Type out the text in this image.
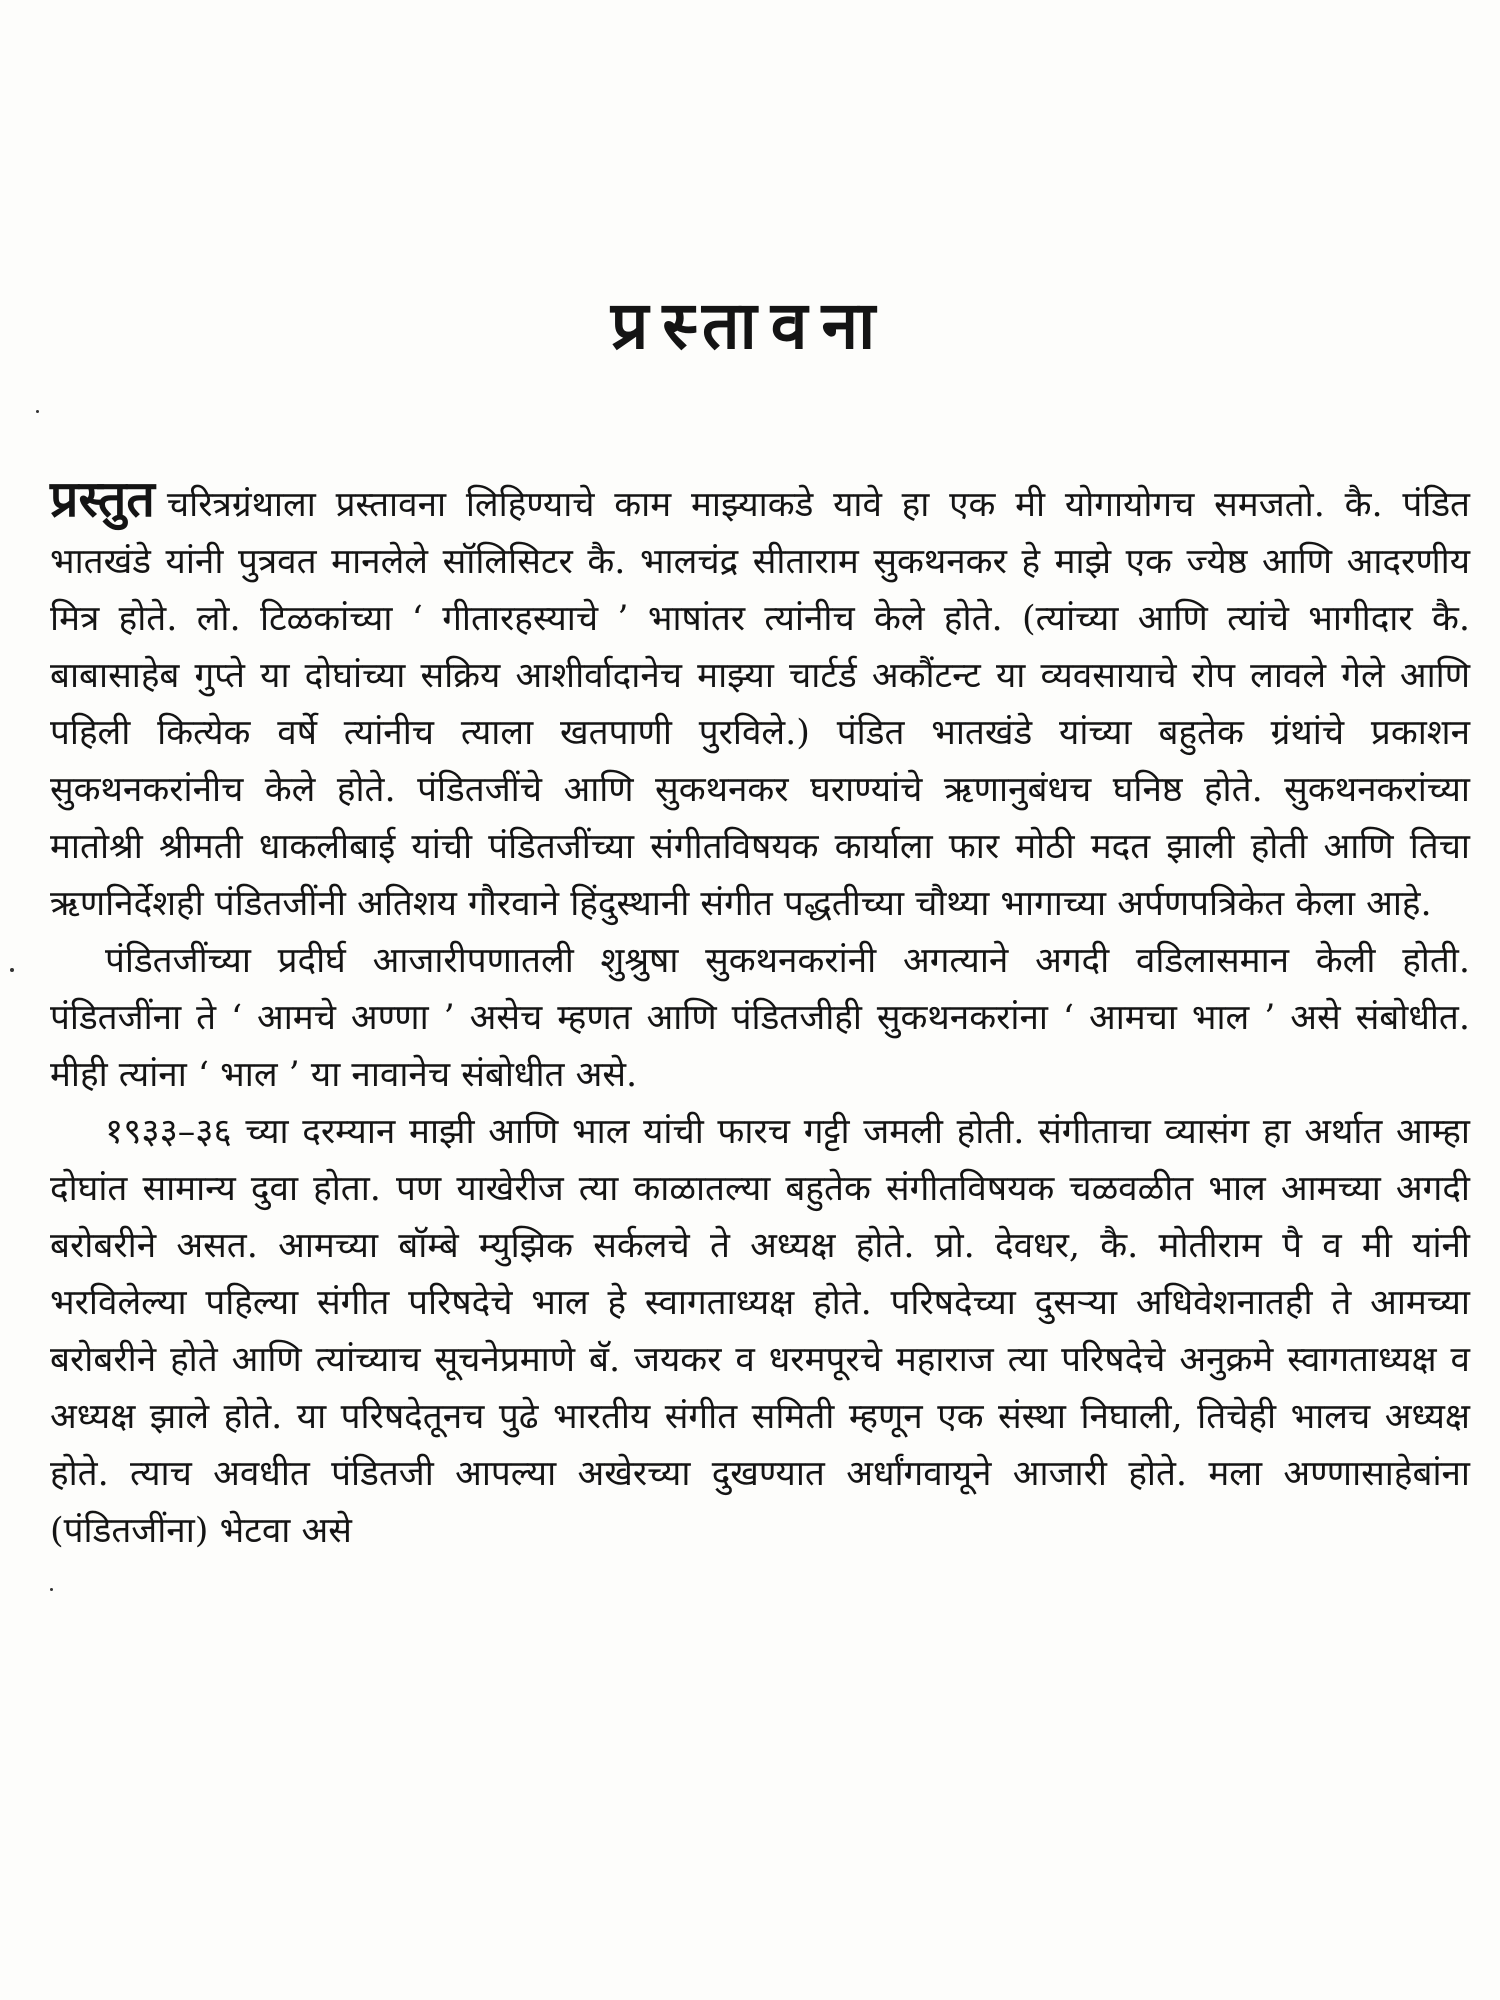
प्रस्तावना

प्रस्तुत चरित्रग्रंथाला प्रस्तावना लिहिण्याचे काम माझ्याकडे यावे हा एक मी योगायोगच समजतो. कै. पंडित भातखंडे यांनी पुत्रवत मानलेले सॉलिसिटर कै. भालचंद्र सीताराम सुकथनकर हे माझे एक ज्येष्ठ आणि आदरणीय मित्र होते. लो. टिळकांच्या ‘ गीतारहस्याचे ’ भाषांतर त्यांनीच केले होते. (त्यांच्या आणि त्यांचे भागीदार कै. बाबासाहेब गुप्ते या दोघांच्या सक्रिय आशीर्वादानेच माझ्या चार्टर्ड अकौंटन्ट या व्यवसायाचे रोप लावले गेले आणि पहिली कित्येक वर्षे त्यांनीच त्याला खतपाणी पुरविले.) पंडित भातखंडे यांच्या बहुतेक ग्रंथांचे प्रकाशन सुकथनकरांनीच केले होते. पंडितजींचे आणि सुकथनकर घराण्यांचे ऋणानुबंधच घनिष्ठ होते. सुकथनकरांच्या मातोश्री श्रीमती धाकलीबाई यांची पंडितजींच्या संगीतविषयक कार्याला फार मोठी मदत झाली होती आणि तिचा ऋणनिर्देशही पंडितजींनी अतिशय गौरवाने हिंदुस्थानी संगीत पद्धतीच्या चौथ्या भागाच्या अर्पणपत्रिकेत केला आहे.

पंडितजींच्या प्रदीर्घ आजारीपणातली शुश्रुषा सुकथनकरांनी अगत्याने अगदी वडिलासमान केली होती. पंडितजींना ते ‘ आमचे अण्णा ’ असेच म्हणत आणि पंडितजीही सुकथनकरांना ‘ आमचा भाल ’ असे संबोधीत. मीही त्यांना ‘ भाल ’ या नावानेच संबोधीत असे.

१९३३–३६ च्या दरम्यान माझी आणि भाल यांची फारच गट्टी जमली होती. संगीताचा व्यासंग हा अर्थात आम्हा दोघांत सामान्य दुवा होता. पण याखेरीज त्या काळातल्या बहुतेक संगीतविषयक चळवळीत भाल आमच्या अगदी बरोबरीने असत. आमच्या बॉम्बे म्युझिक सर्कलचे ते अध्यक्ष होते. प्रो. देवधर, कै. मोतीराम पै व मी यांनी भरविलेल्या पहिल्या संगीत परिषदेचे भाल हे स्वागताध्यक्ष होते. परिषदेच्या दुसऱ्या अधिवेशनातही ते आमच्या बरोबरीने होते आणि त्यांच्याच सूचनेप्रमाणे बॅ. जयकर व धरमपूरचे महाराज त्या परिषदेचे अनुक्रमे स्वागताध्यक्ष व अध्यक्ष झाले होते. या परिषदेतूनच पुढे भारतीय संगीत समिती म्हणून एक संस्था निघाली, तिचेही भालच अध्यक्ष होते. त्याच अवधीत पंडितजी आपल्या अखेरच्या दुखण्यात अर्धांगवायूने आजारी होते. मला अण्णासाहेबांना (पंडितजींना) भेटवा असे
